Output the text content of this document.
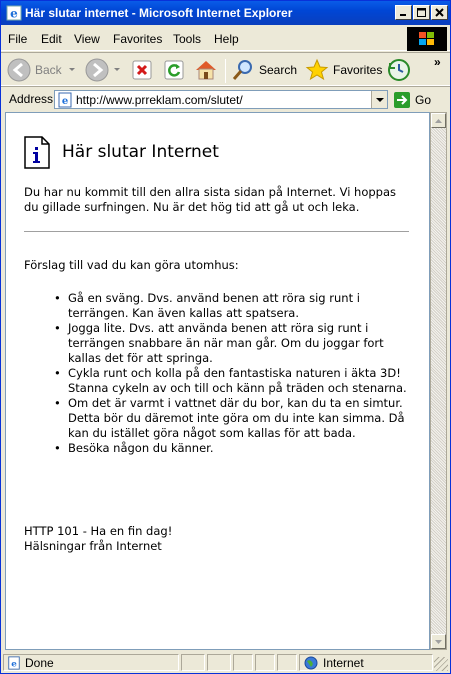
e Här slutar internet - Microsoft Internet Explorer
File Edit View Favorites Tools Help
Back	Search	Favorites
»
Address e http://www.prreklam.com/slutet/	Go
Här slutar Internet

Du har nu kommit till den allra sista sidan på Internet. Vi hoppas du gillade surfningen. Nu är det hög tid att gå ut och leka.

Förslag till vad du kan göra utomhus:

• Gå en sväng. Dvs. använd benen att röra sig runt i terrängen. Kan även kallas att spatsera.
• Jogga lite. Dvs. att använda benen att röra sig runt i terrängen snabbare än när man går. Om du joggar fort kallas det för att springa.
• Cykla runt och kolla på den fantastiska naturen i äkta 3D! Stanna cykeln av och till och känn på träden och stenarna.
• Om det är varmt i vattnet där du bor, kan du ta en simtur. Detta bör du däremot inte göra om du inte kan simma. Då kan du istället göra något som kallas för att bada.
• Besöka någon du känner.
HTTP 101 - Ha en fin dag!
Hälsningar från Internet
e Done	Internet
